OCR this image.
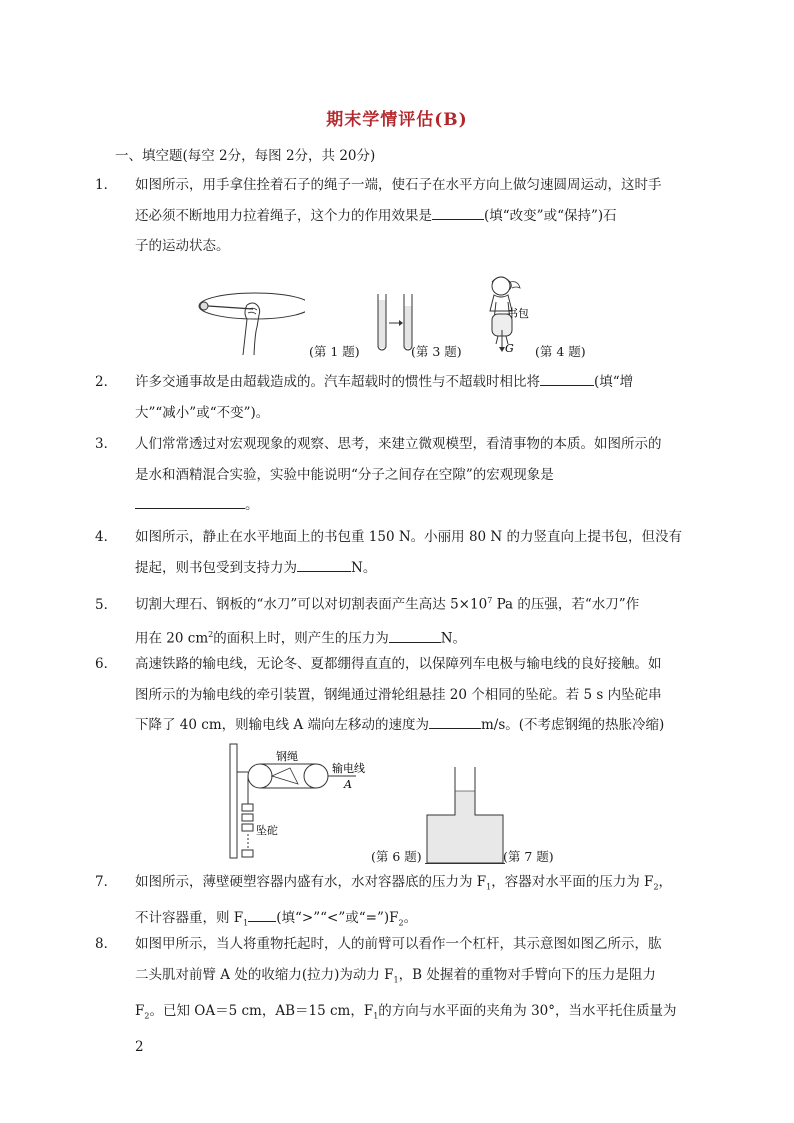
期末学情评估(B)
一、填空题(每空 2分，每图 2分，共 20分)
1． 如图所示，用手拿住拴着石子的绳子一端，使石子在水平方向上做匀速圆周运动，这时手
还必须不断地用力拉着绳子，这个力的作用效果是	(填“改变”或“保持”)石
子的运动状态。
(第 1 题)	(第 3 题)
书包
G (第 4 题)
2． 许多交通事故是由超载造成的。汽车超载时的惯性与不超载时相比将	(填“增
大”“减小”或“不变”)。
3． 人们常常透过对宏观现象的观察、思考，来建立微观模型，看清事物的本质。如图所示的
是水和酒精混合实验，实验中能说明“分子之间存在空隙”的宏观现象是
。
4． 如图所示，静止在水平地面上的书包重 150 N。小丽用 80 N 的力竖直向上提书包，但没有
提起，则书包受到支持力为	N。
5． 切割大理石、钢板的“水刀”可以对切割表面产生高达 $5\times 10^7$ Pa 的压强，若“水刀”作
用在 20 $cm^2$的面积上时，则产生的压力为	N。
6． 高速铁路的输电线，无论冬、夏都绷得直直的，以保障列车电极与输电线的良好接触。如
图所示的为输电线的牵引装置，钢绳通过滑轮组悬挂 20 个相同的坠砣。若 5 s 内坠砣串
下降了 40 cm，则输电线 A 端向左移动的速度为	m/s。(不考虑钢绳的热胀冷缩)
钢绳
输电线
A
坠砣
(第 6 题)	(第 7 题)
7． 如图所示，薄壁硬塑容器内盛有水，水对容器底的压力为 $F_1$，容器对水平面的压力为 $F_2$，
不计容器重，则 $F_1$ (填“>”“<”或“$=”)F_2$。
8． 如图甲所示，当人将重物托起时，人的前臂可以看作一个杠杆，其示意图如图乙所示，肱
二头肌对前臂 A 处的收缩力(拉力)为动力 $F_1$，B 处握着的重物对手臂向下的压力是阻力
$F_2$。已知 OA＝5 cm，AB＝15 cm，$F_1$的方向与水平面的夹角为 30°，当水平托住质量为 2
